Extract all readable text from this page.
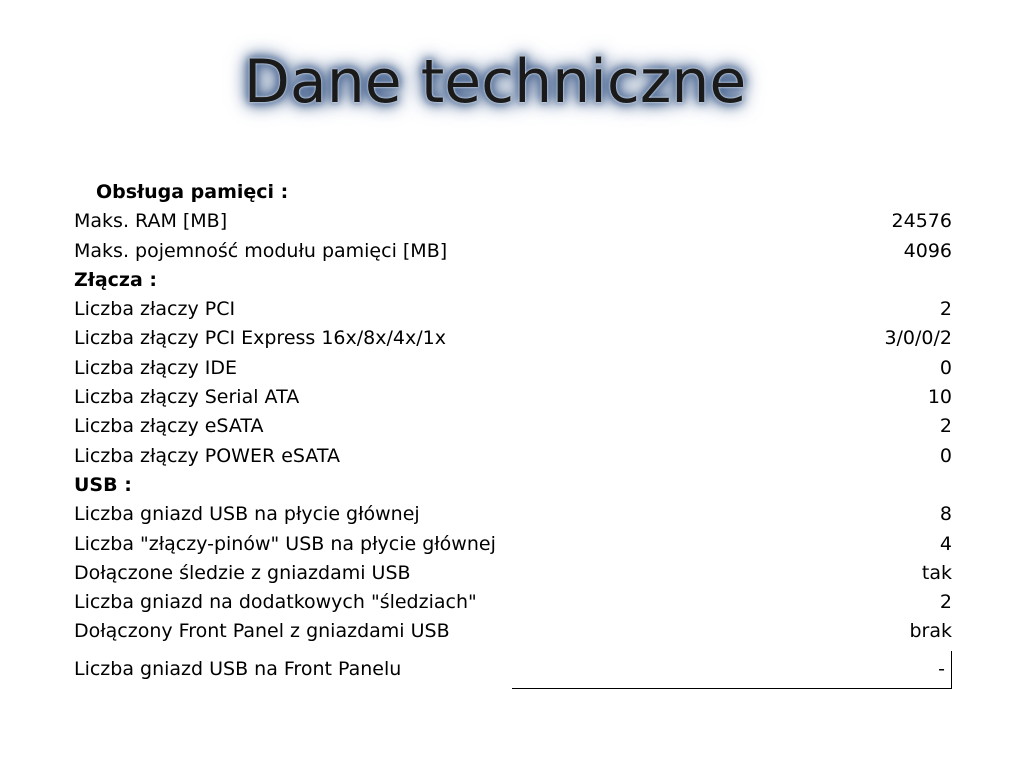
Dane techniczne
Obsługa pamięci :
Maks. RAM [MB]	24576
Maks. pojemność modułu pamięci [MB]	4096
Złącza :
Liczba złaczy PCI	2
Liczba złączy PCI Express 16x/8x/4x/1x	3/0/0/2
Liczba złączy IDE	0
Liczba złączy Serial ATA	10
Liczba złączy eSATA	2
Liczba złączy POWER eSATA	0
USB :
Liczba gniazd USB na płycie głównej	8
Liczba "złączy-pinów" USB na płycie głównej	4
Dołączone śledzie z gniazdami USB	tak
Liczba gniazd na dodatkowych "śledziach"	2
Dołączony Front Panel z gniazdami USB	brak
Liczba gniazd USB na Front Panelu	-
